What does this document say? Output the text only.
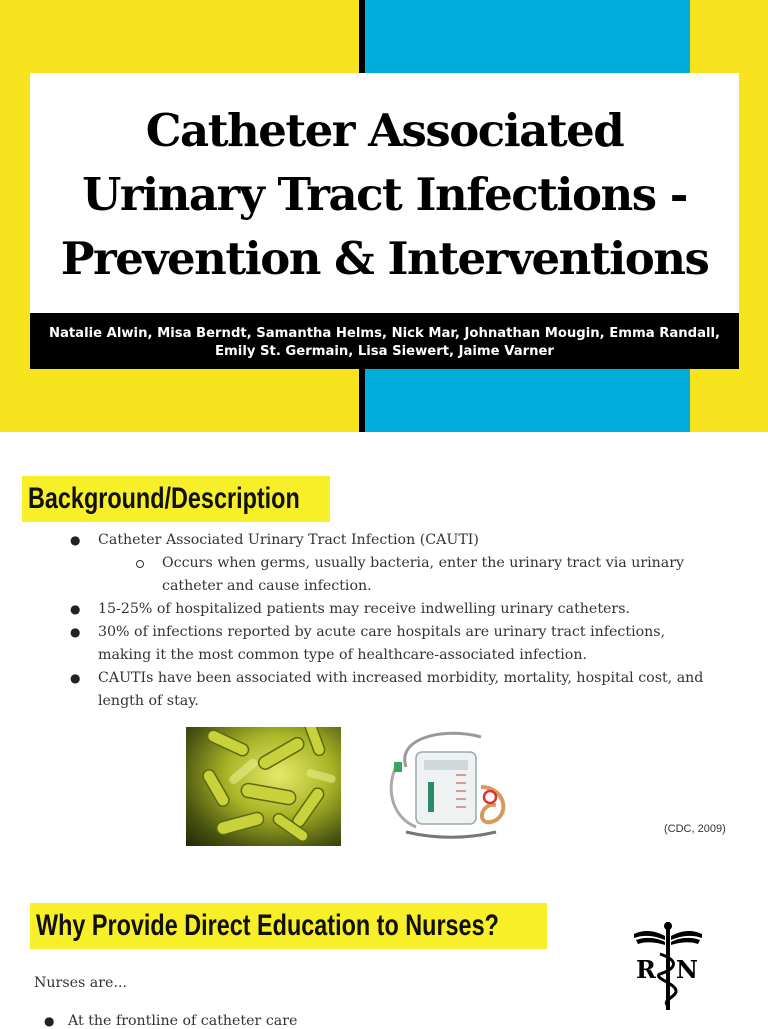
Catheter Associated
Urinary Tract Infections -
Prevention & Interventions
Natalie Alwin, Misa Berndt, Samantha Helms, Nick Mar, Johnathan Mougin, Emma Randall,
Emily St. Germain, Lisa Siewert, Jaime Varner
Background/Description
● Catheter Associated Urinary Tract Infection (CAUTI)
Occurs when germs, usually bacteria, enter the urinary tract via urinary
catheter and cause infection.
● 15-25% of hospitalized patients may receive indwelling urinary catheters.
● 30% of infections reported by acute care hospitals are urinary tract infections,
making it the most common type of healthcare-associated infection.
● CAUTIs have been associated with increased morbidity, mortality, hospital cost, and
length of stay.
(CDC, 2009)
Why Provide Direct Education to Nurses?
R N
Nurses are...
● At the frontline of catheter care
